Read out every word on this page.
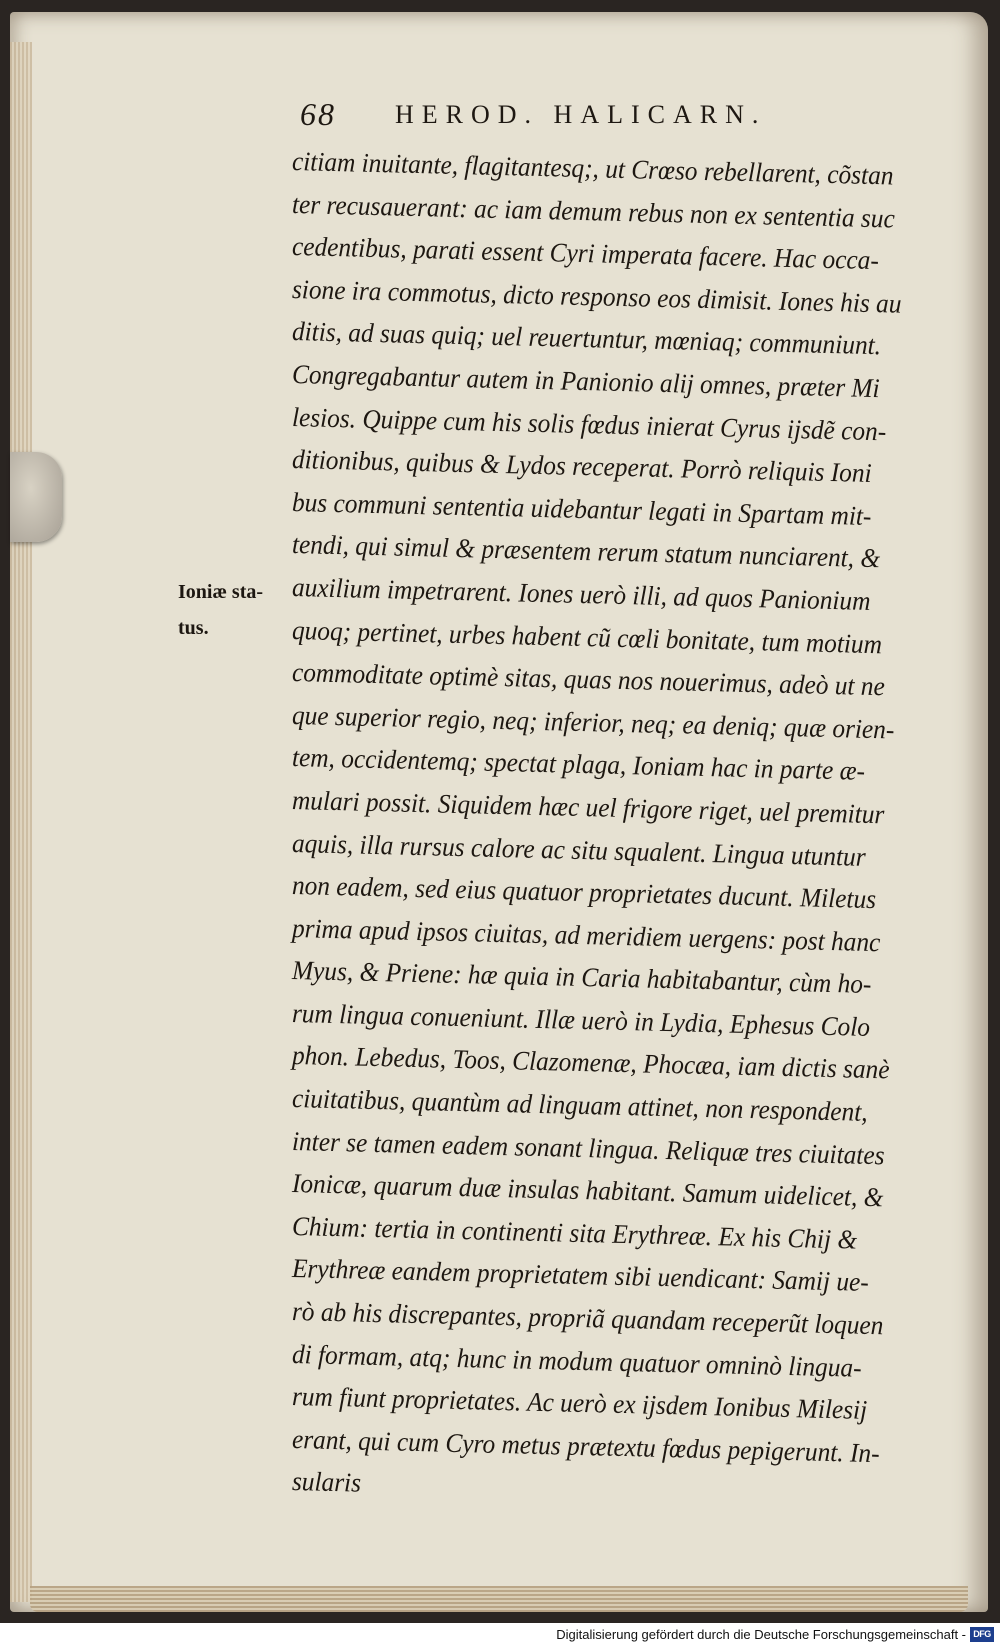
68 HEROD. HALICARN.
Ioniæ sta-
tus.
citiam inuitante, flagitantesq;, ut Crœso rebellarent, cõstan
ter recusauerant: ac iam demum rebus non ex sententia suc
cedentibus, parati essent Cyri imperata facere. Hac occa-
sione ira commotus, dicto responso eos dimisit. Iones his au
ditis, ad suas quiq; uel reuertuntur, mœniaq; communiunt.
Congregabantur autem in Panionio alij omnes, præter Mi
lesios. Quippe cum his solis fœdus inierat Cyrus ijsdẽ con-
ditionibus, quibus & Lydos receperat. Porrò reliquis Ioni
bus communi sententia uidebantur legati in Spartam mit-
tendi, qui simul & præsentem rerum statum nunciarent, &
auxilium impetrarent. Iones uerò illi, ad quos Panionium
quoq; pertinet, urbes habent cũ cœli bonitate, tum motium
commoditate optimè sitas, quas nos nouerimus, adeò ut ne
que superior regio, neq; inferior, neq; ea deniq; quæ orien-
tem, occidentemq; spectat plaga, Ioniam hac in parte æ-
mulari possit. Siquidem hæc uel frigore riget, uel premitur
aquis, illa rursus calore ac situ squalent. Lingua utuntur
non eadem, sed eius quatuor proprietates ducunt. Miletus
prima apud ipsos ciuitas, ad meridiem uergens: post hanc
Myus, & Priene: hæ quia in Caria habitabantur, cùm ho-
rum lingua conueniunt. Illæ uerò in Lydia, Ephesus Colo
phon. Lebedus, Toos, Clazomenæ, Phocæa, iam dictis sanè
ciuitatibus, quantùm ad linguam attinet, non respondent,
inter se tamen eadem sonant lingua. Reliquæ tres ciuitates
Ionicæ, quarum duæ insulas habitant. Samum uidelicet, &
Chium: tertia in continenti sita Erythreæ. Ex his Chij &
Erythreæ eandem proprietatem sibi uendicant: Samij ue-
rò ab his discrepantes, propriã quandam receperũt loquen
di formam, atq; hunc in modum quatuor omninò lingua-
rum fiunt proprietates. Ac uerò ex ijsdem Ionibus Milesij
erant, qui cum Cyro metus prætextu fœdus pepigerunt. In-
sularis
Digitalisierung gefördert durch die Deutsche Forschungsgemeinschaft - DFG
